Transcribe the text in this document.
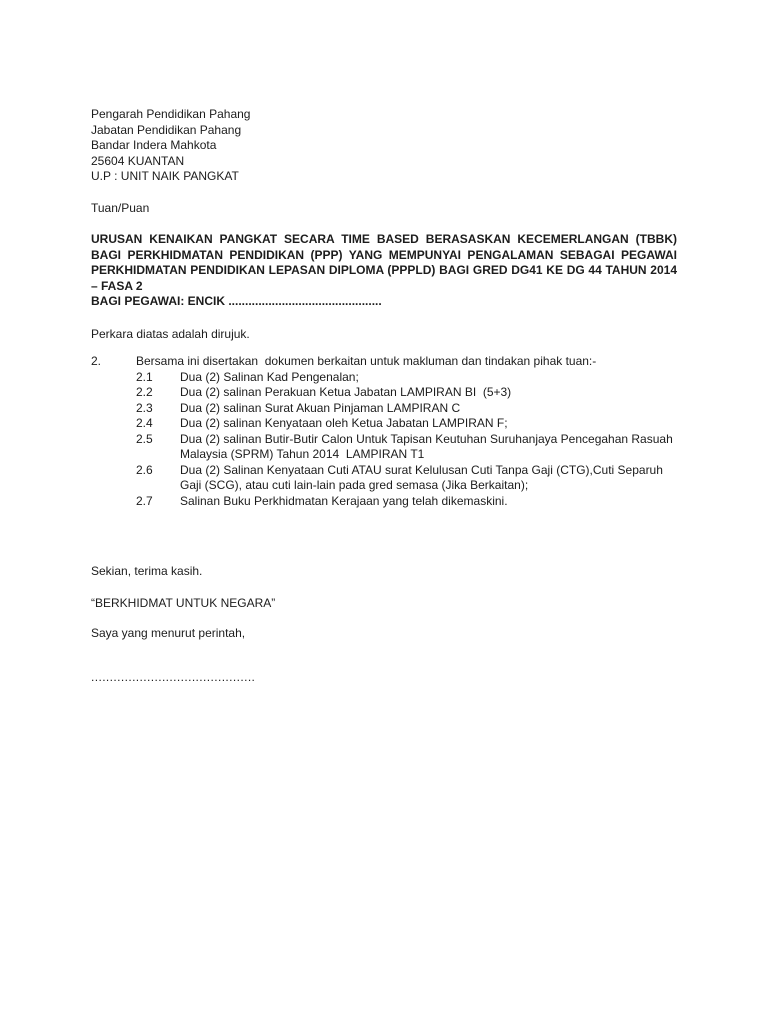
Pengarah Pendidikan Pahang
Jabatan Pendidikan Pahang
Bandar Indera Mahkota
25604 KUANTAN
U.P : UNIT NAIK PANGKAT
Tuan/Puan
URUSAN KENAIKAN PANGKAT SECARA TIME BASED BERASASKAN KECEMERLANGAN (TBBK) BAGI PERKHIDMATAN PENDIDIKAN (PPP) YANG MEMPUNYAI PENGALAMAN SEBAGAI PEGAWAI PERKHIDMATAN PENDIDIKAN LEPASAN DIPLOMA (PPPLD) BAGI GRED DG41 KE DG 44 TAHUN 2014 – FASA 2
BAGI PEGAWAI: ENCIK ..............................................
Perkara diatas adalah dirujuk.
2.	Bersama ini disertakan  dokumen berkaitan untuk makluman dan tindakan pihak tuan:-
2.1	Dua (2) Salinan Kad Pengenalan;
2.2	Dua (2) salinan Perakuan Ketua Jabatan LAMPIRAN BI  (5+3)
2.3	Dua (2) salinan Surat Akuan Pinjaman LAMPIRAN C
2.4	Dua (2) salinan Kenyataan oleh Ketua Jabatan LAMPIRAN F;
2.5	Dua (2) salinan Butir-Butir Calon Untuk Tapisan Keutuhan Suruhanjaya Pencegahan Rasuah Malaysia (SPRM) Tahun 2014  LAMPIRAN T1
2.6	Dua (2) Salinan Kenyataan Cuti ATAU surat Kelulusan Cuti Tanpa Gaji (CTG),Cuti Separuh Gaji (SCG), atau cuti lain-lain pada gred semasa (Jika Berkaitan);
2.7	Salinan Buku Perkhidmatan Kerajaan yang telah dikemaskini.
Sekian, terima kasih.
“BERKHIDMAT UNTUK NEGARA”
Saya yang menurut perintah,
............................................
